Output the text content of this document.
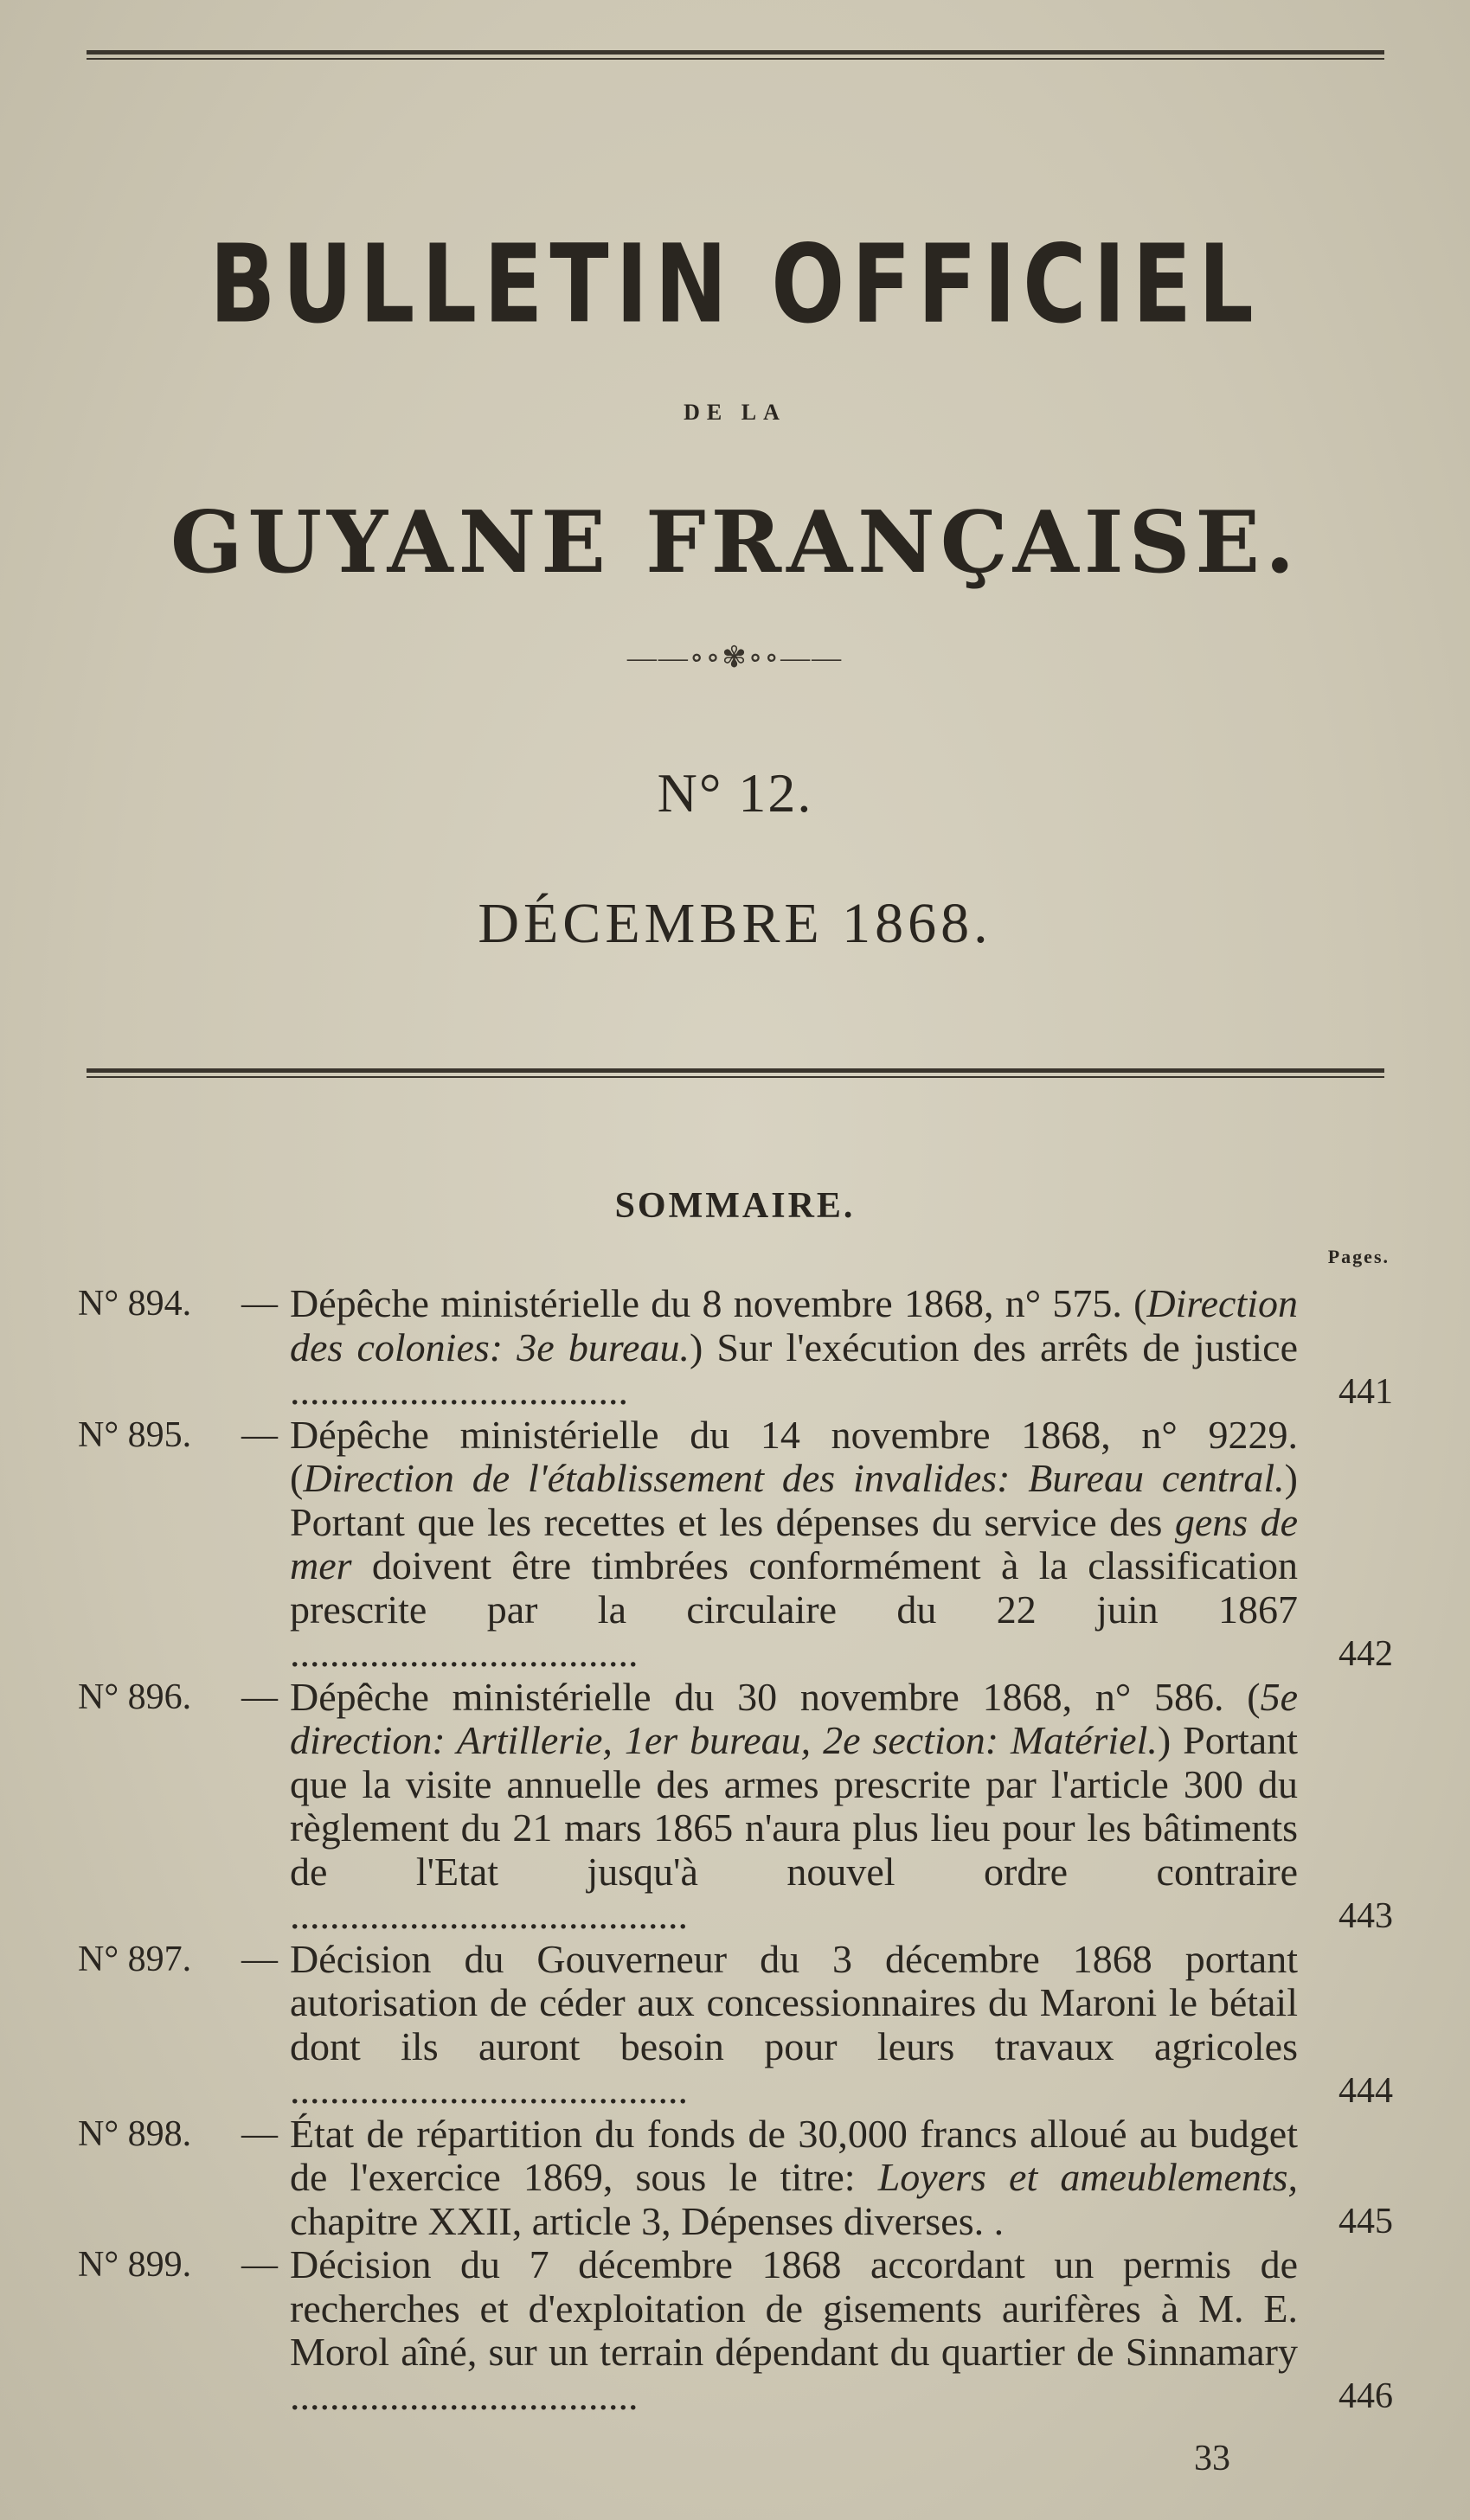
BULLETIN OFFICIEL
DE LA
GUYANE FRANÇAISE.
——∘∘✾∘∘——
N° 12.
DÉCEMBRE 1868.
SOMMAIRE.
Pages.
N° 894.	— Dépêche ministérielle du 8 novembre 1868, n° 575. (Direction des colonies: 3e bureau.) Sur l'exécution des arrêts de justice ..................................	441
N° 895.	— Dépêche ministérielle du 14 novembre 1868, n° 9229. (Direction de l'établissement des invalides: Bureau central.) Portant que les recettes et les dépenses du service des gens de mer doivent être timbrées conformément à la classification prescrite par la circulaire du 22 juin 1867 ...................................	442
N° 896.	— Dépêche ministérielle du 30 novembre 1868, n° 586. (5e direction: Artillerie, 1er bureau, 2e section: Matériel.) Portant que la visite annuelle des armes prescrite par l'article 300 du règlement du 21 mars 1865 n'aura plus lieu pour les bâtiments de l'Etat jusqu'à nouvel ordre contraire ........................................	443
N° 897.	— Décision du Gouverneur du 3 décembre 1868 portant autorisation de céder aux concessionnaires du Maroni le bétail dont ils auront besoin pour leurs travaux agricoles ........................................	444
N° 898.	— État de répartition du fonds de 30,000 francs alloué au budget de l'exercice 1869, sous le titre: Loyers et ameublements, chapitre XXII, article 3, Dépenses diverses. .	445
N° 899.	— Décision du 7 décembre 1868 accordant un permis de recherches et d'exploitation de gisements aurifères à M. E. Morol aîné, sur un terrain dépendant du quartier de Sinnamary ...................................	446
33
